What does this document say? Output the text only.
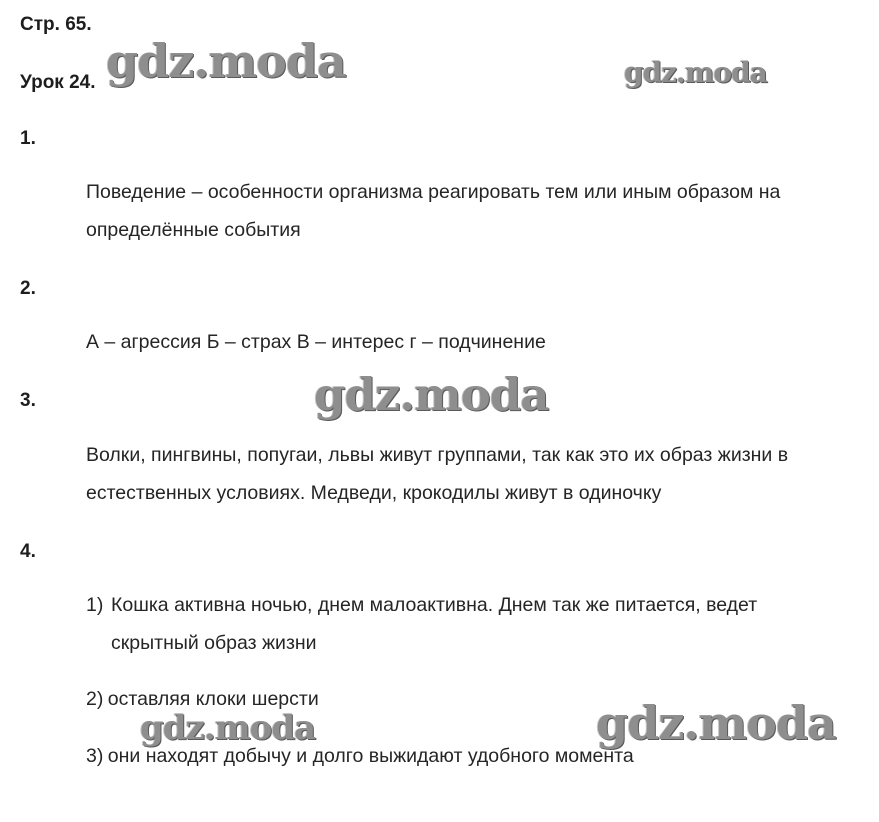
Стр. 65.
Урок 24. gdz.moda	gdz.moda
gdz.moda
gdz.moda	gdz.moda
1.
Поведение – особенности организма реагировать тем или иным образом на определённые события
2.
А – агрессия Б – страх В – интерес г – подчинение
3.
Волки, пингвины, попугаи, львы живут группами, так как это их образ жизни в естественных условиях. Медведи, крокодилы живут в одиночку
4.
1) Кошка активна ночью, днем малоактивна. Днем так же питается, ведет скрытный образ жизни
2) оставляя клоки шерсти
3) они находят добычу и долго выжидают удобного момента
